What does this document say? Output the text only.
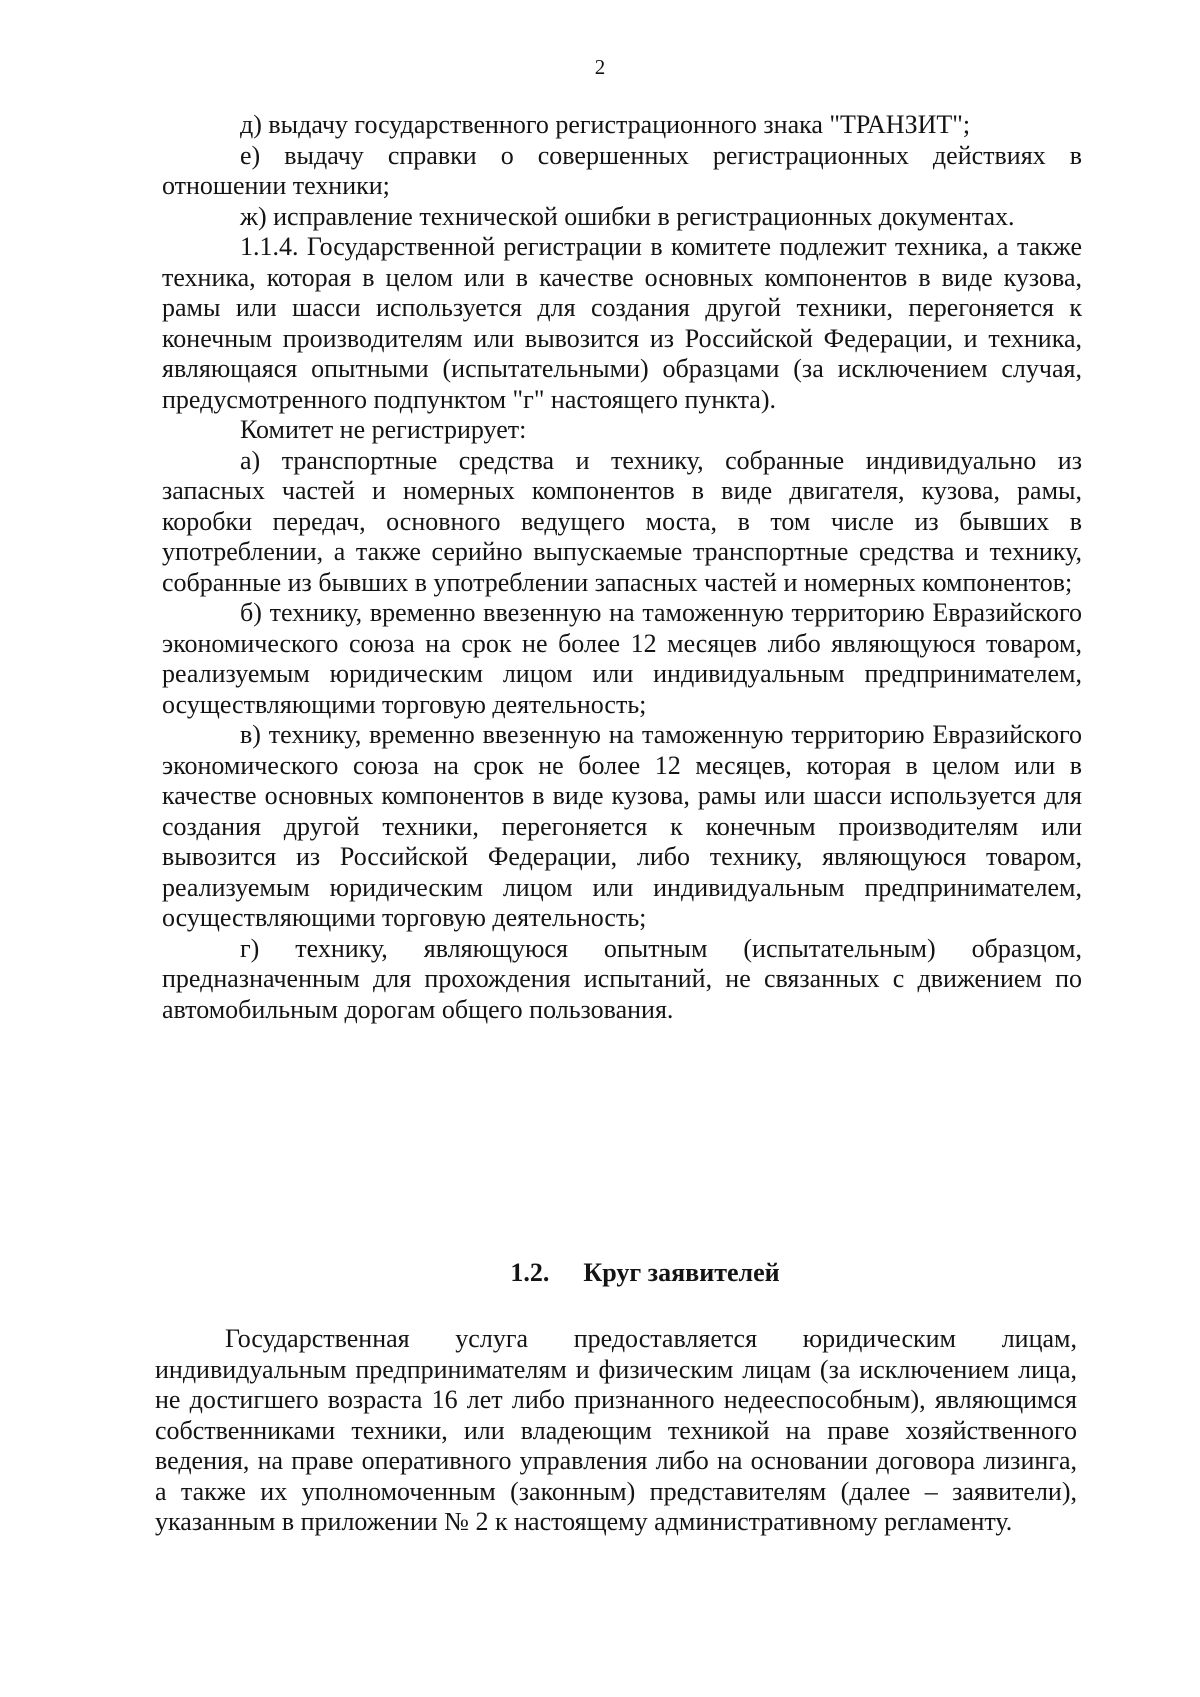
2

д) выдачу государственного регистрационного знака "ТРАНЗИТ";

е) выдачу справки о совершенных регистрационных действиях в отношении техники;

ж) исправление технической ошибки в регистрационных документах.

1.1.4. Государственной регистрации в комитете подлежит техника, а также техника, которая в целом или в качестве основных компонентов в виде кузова, рамы или шасси используется для создания другой техники, перегоняется к конечным производителям или вывозится из Российской Федерации, и техника, являющаяся опытными (испытательными) образцами (за исключением случая, предусмотренного подпунктом "г" настоящего пункта).

Комитет не регистрирует:

а) транспортные средства и технику, собранные индивидуально из запасных частей и номерных компонентов в виде двигателя, кузова, рамы, коробки передач, основного ведущего моста, в том числе из бывших в употреблении, а также серийно выпускаемые транспортные средства и технику, собранные из бывших в употреблении запасных частей и номерных компонентов;

б) технику, временно ввезенную на таможенную территорию Евразийского экономического союза на срок не более 12 месяцев либо являющуюся товаром, реализуемым юридическим лицом или индивидуальным предпринимателем, осуществляющими торговую деятельность;

в) технику, временно ввезенную на таможенную территорию Евразийского экономического союза на срок не более 12 месяцев, которая в целом или в качестве основных компонентов в виде кузова, рамы или шасси используется для создания другой техники, перегоняется к конечным производителям или вывозится из Российской Федерации, либо технику, являющуюся товаром, реализуемым юридическим лицом или индивидуальным предпринимателем, осуществляющими торговую деятельность;

г) технику, являющуюся опытным (испытательным) образцом, предназначенным для прохождения испытаний, не связанных с движением по автомобильным дорогам общего пользования.

1.2. Круг заявителей

Государственная услуга предоставляется юридическим лицам, индивидуальным предпринимателям и физическим лицам (за исключением лица, не достигшего возраста 16 лет либо признанного недееспособным), являющимся собственниками техники, или владеющим техникой на праве хозяйственного ведения, на праве оперативного управления либо на основании договора лизинга, а также их уполномоченным (законным) представителям (далее – заявители), указанным в приложении № 2 к настоящему административному регламенту.
